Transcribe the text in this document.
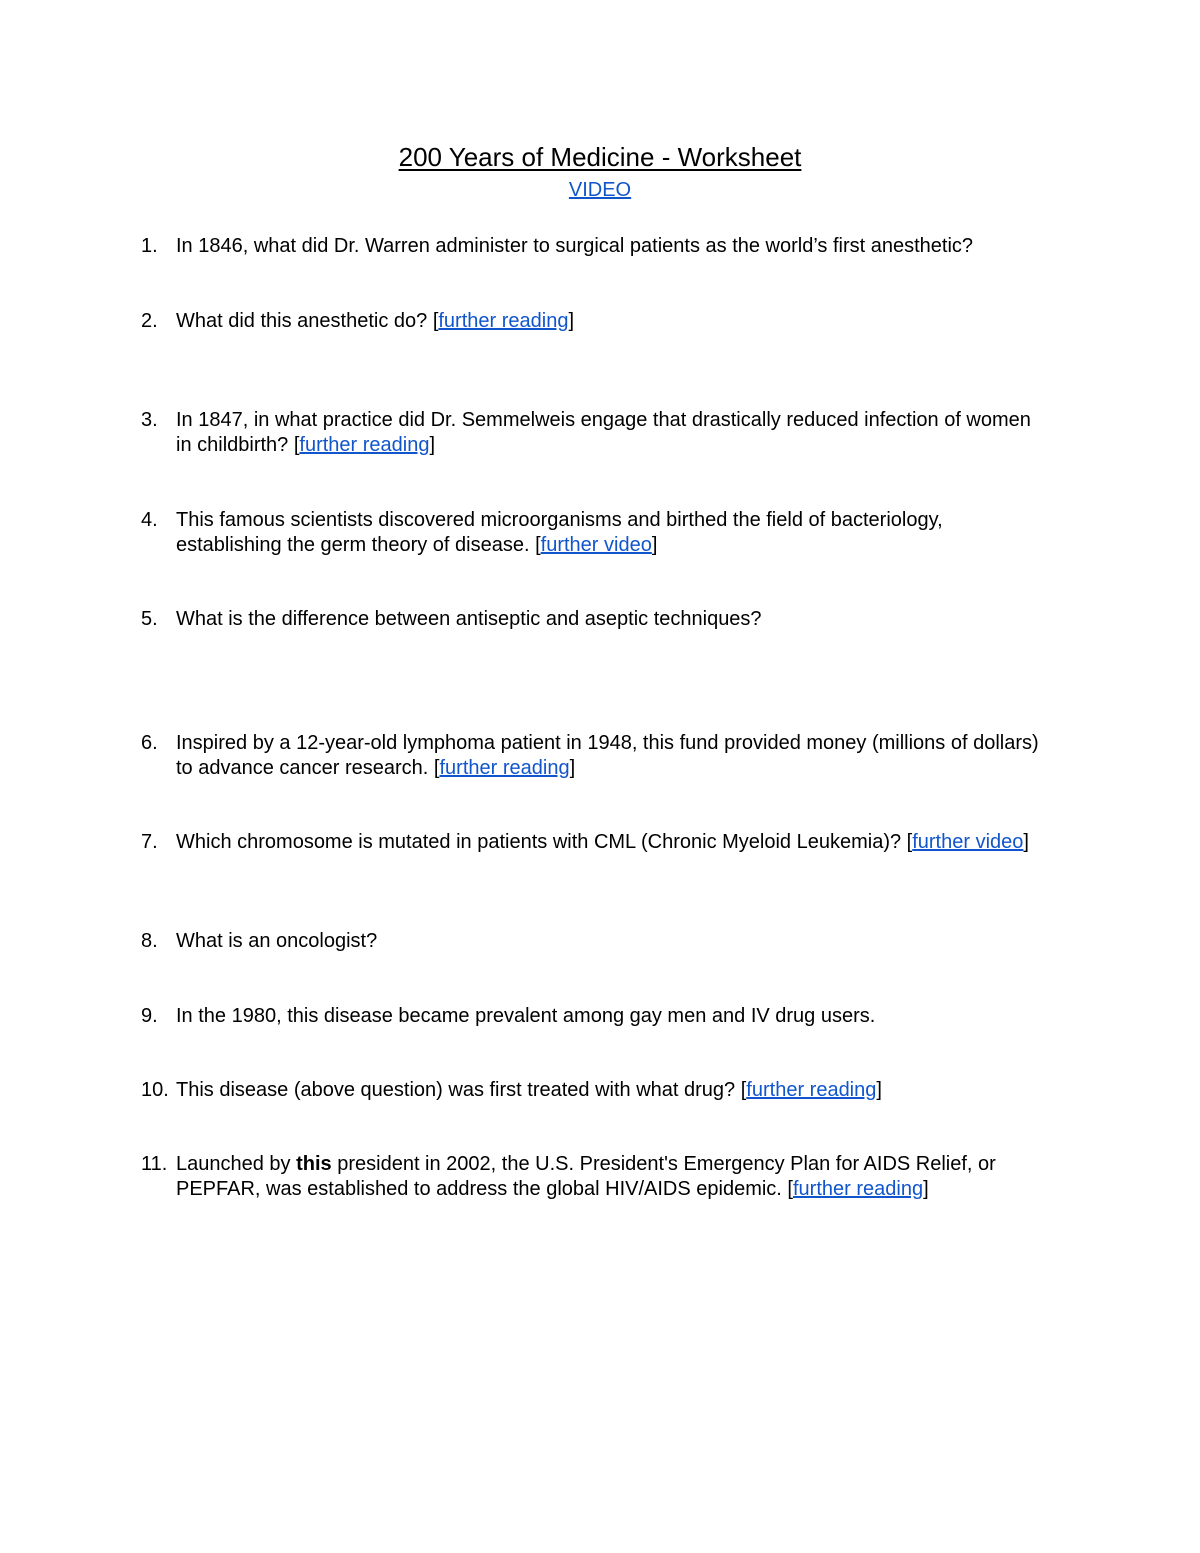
200 Years of Medicine - Worksheet
VIDEO
1. In 1846, what did Dr. Warren administer to surgical patients as the world’s first anesthetic?
2. What did this anesthetic do? [further reading]
3. In 1847, in what practice did Dr. Semmelweis engage that drastically reduced infection of women in childbirth? [further reading]
4. This famous scientists discovered microorganisms and birthed the field of bacteriology, establishing the germ theory of disease. [further video]
5. What is the difference between antiseptic and aseptic techniques?
6. Inspired by a 12-year-old lymphoma patient in 1948, this fund provided money (millions of dollars) to advance cancer research. [further reading]
7. Which chromosome is mutated in patients with CML (Chronic Myeloid Leukemia)? [further video]
8. What is an oncologist?
9. In the 1980, this disease became prevalent among gay men and IV drug users.
10. This disease (above question) was first treated with what drug? [further reading]
11. Launched by this president in 2002, the U.S. President's Emergency Plan for AIDS Relief, or PEPFAR, was established to address the global HIV/AIDS epidemic. [further reading]
